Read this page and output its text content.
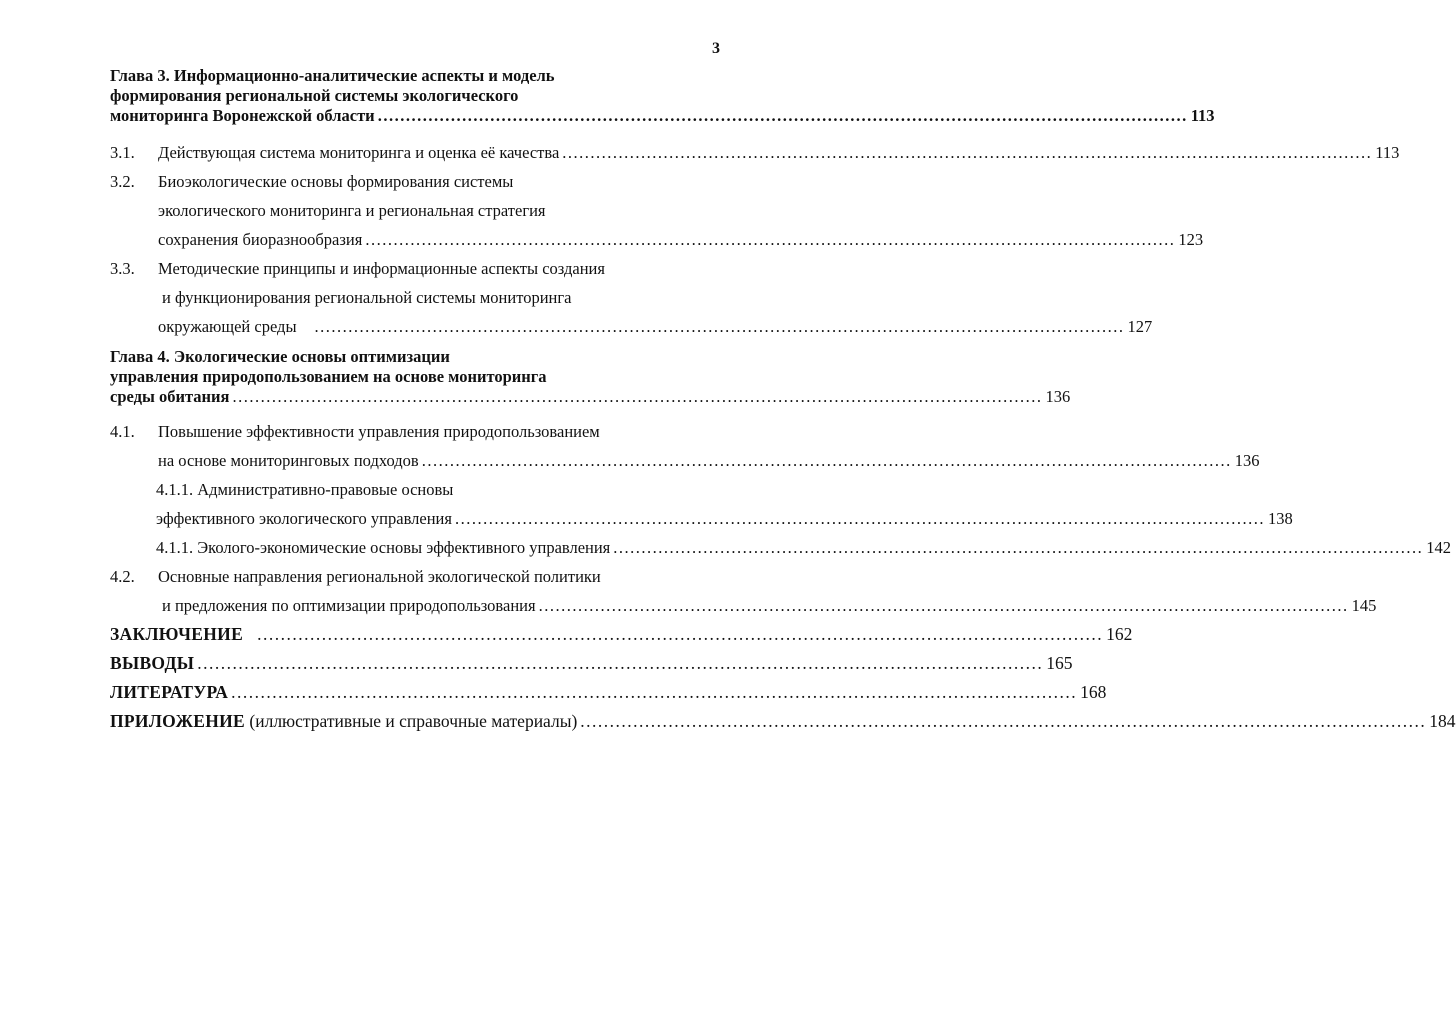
3
Глава 3. Информационно-аналитические аспекты и модель
формирования региональной системы экологического
мониторинга Воронежской области ................................................................................................................................................ 113
3.1.	Действующая система мониторинга и оценка её качества ................................................................................................................................................ 113
3.2.	Биоэкологические основы формирования системы
экологического мониторинга и региональная стратегия
сохранения биоразнообразия ................................................................................................................................................ 123
3.3.	Методические принципы и информационные аспекты создания
и функционирования региональной системы мониторинга
окружающей среды ................................................................................................................................................ 127
Глава 4. Экологические основы оптимизации
управления природопользованием на основе мониторинга
среды обитания ................................................................................................................................................ 136
4.1.	Повышение эффективности управления природопользованием
на основе мониторинговых подходов ................................................................................................................................................ 136
4.1.1. Административно-правовые основы
эффективного экологического управления ................................................................................................................................................ 138
4.1.1. Эколого-экономические основы эффективного управления ................................................................................................................................................ 142
4.2.	Основные направления региональной экологической политики
и предложения по оптимизации природопользования ................................................................................................................................................ 145
ЗАКЛЮЧЕНИЕ ................................................................................................................................................ 162
ВЫВОДЫ ................................................................................................................................................ 165
ЛИТЕРАТУРА ................................................................................................................................................ 168
ПРИЛОЖЕНИЕ (иллюстративные и справочные материалы) ................................................................................................................................................ 184
